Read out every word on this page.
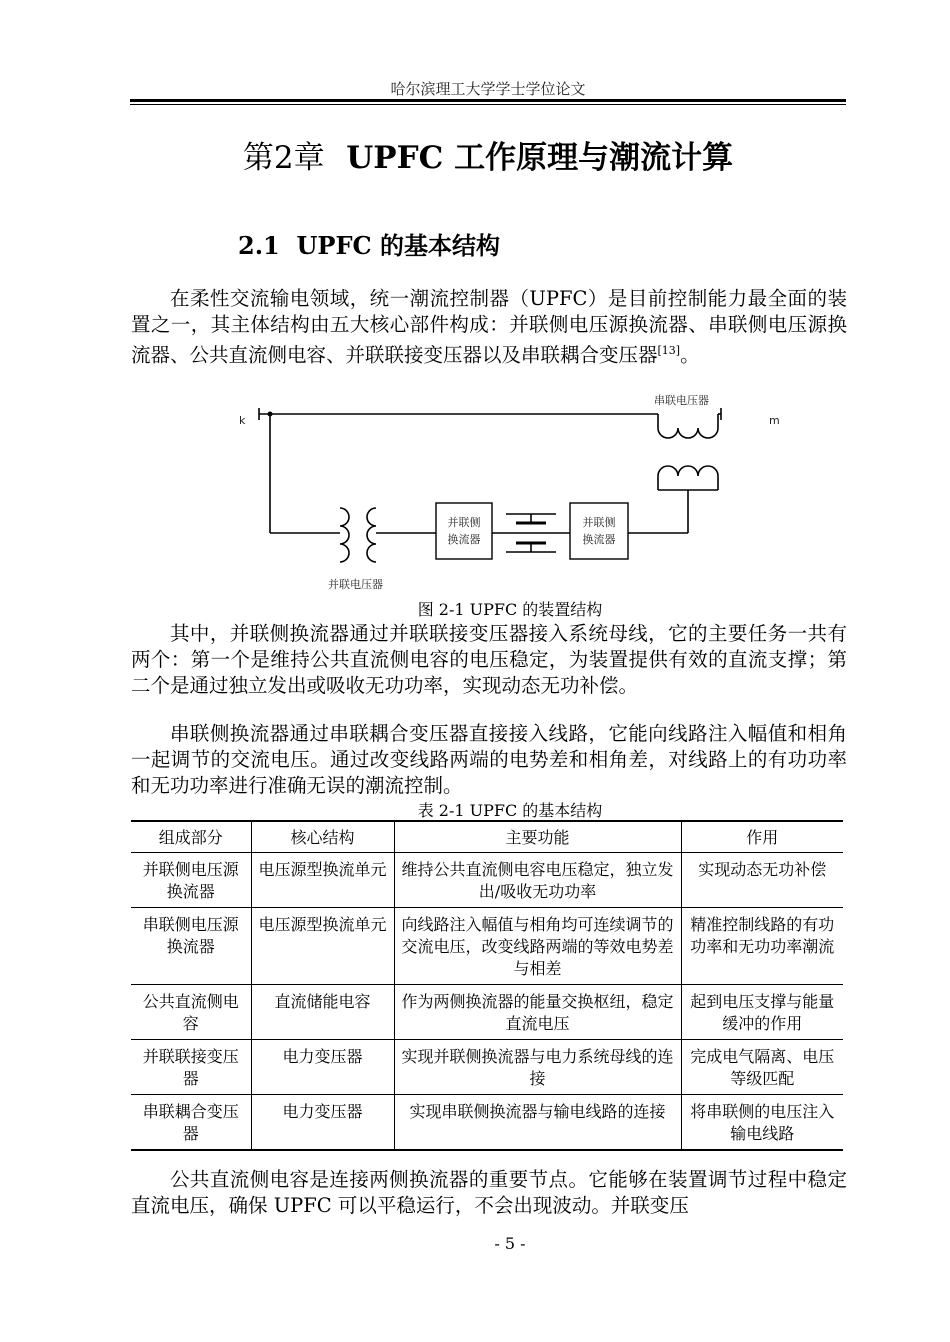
哈尔滨理工大学学士学位论文
第2章 UPFC 工作原理与潮流计算
2.1 UPFC 的基本结构

在柔性交流输电领域，统一潮流控制器（UPFC）是目前控制能力最全面的装置之一，其主体结构由五大核心部件构成：并联侧电压源换流器、串联侧电压源换流器、公共直流侧电容、并联联接变压器以及串联耦合变压器[13]。

k	m
串联电压器
并联电压器
并联侧
换流器
并联侧
换流器
图 2-1 UPFC 的装置结构

其中，并联侧换流器通过并联联接变压器接入系统母线，它的主要任务一共有两个：第一个是维持公共直流侧电容的电压稳定，为装置提供有效的直流支撑；第二个是通过独立发出或吸收无功功率，实现动态无功补偿。

串联侧换流器通过串联耦合变压器直接接入线路，它能向线路注入幅值和相角一起调节的交流电压。通过改变线路两端的电势差和相角差，对线路上的有功功率和无功功率进行准确无误的潮流控制。

表 2-1 UPFC 的基本结构
组成部分	核心结构	主要功能	作用
并联侧电压源换流器	电压源型换流单元	维持公共直流侧电容电压稳定，独立发出/吸收无功功率	实现动态无功补偿
串联侧电压源换流器	电压源型换流单元	向线路注入幅值与相角均可连续调节的交流电压，改变线路两端的等效电势差与相差	精准控制线路的有功功率和无功功率潮流
公共直流侧电容	直流储能电容	作为两侧换流器的能量交换枢纽，稳定直流电压	起到电压支撑与能量缓冲的作用
并联联接变压器	电力变压器	实现并联侧换流器与电力系统母线的连接	完成电气隔离、电压等级匹配
串联耦合变压器	电力变压器	实现串联侧换流器与输电线路的连接	将串联侧的电压注入输电线路

公共直流侧电容是连接两侧换流器的重要节点。它能够在装置调节过程中稳定直流电压，确保 UPFC 可以平稳运行，不会出现波动。并联变压

- 5 -
